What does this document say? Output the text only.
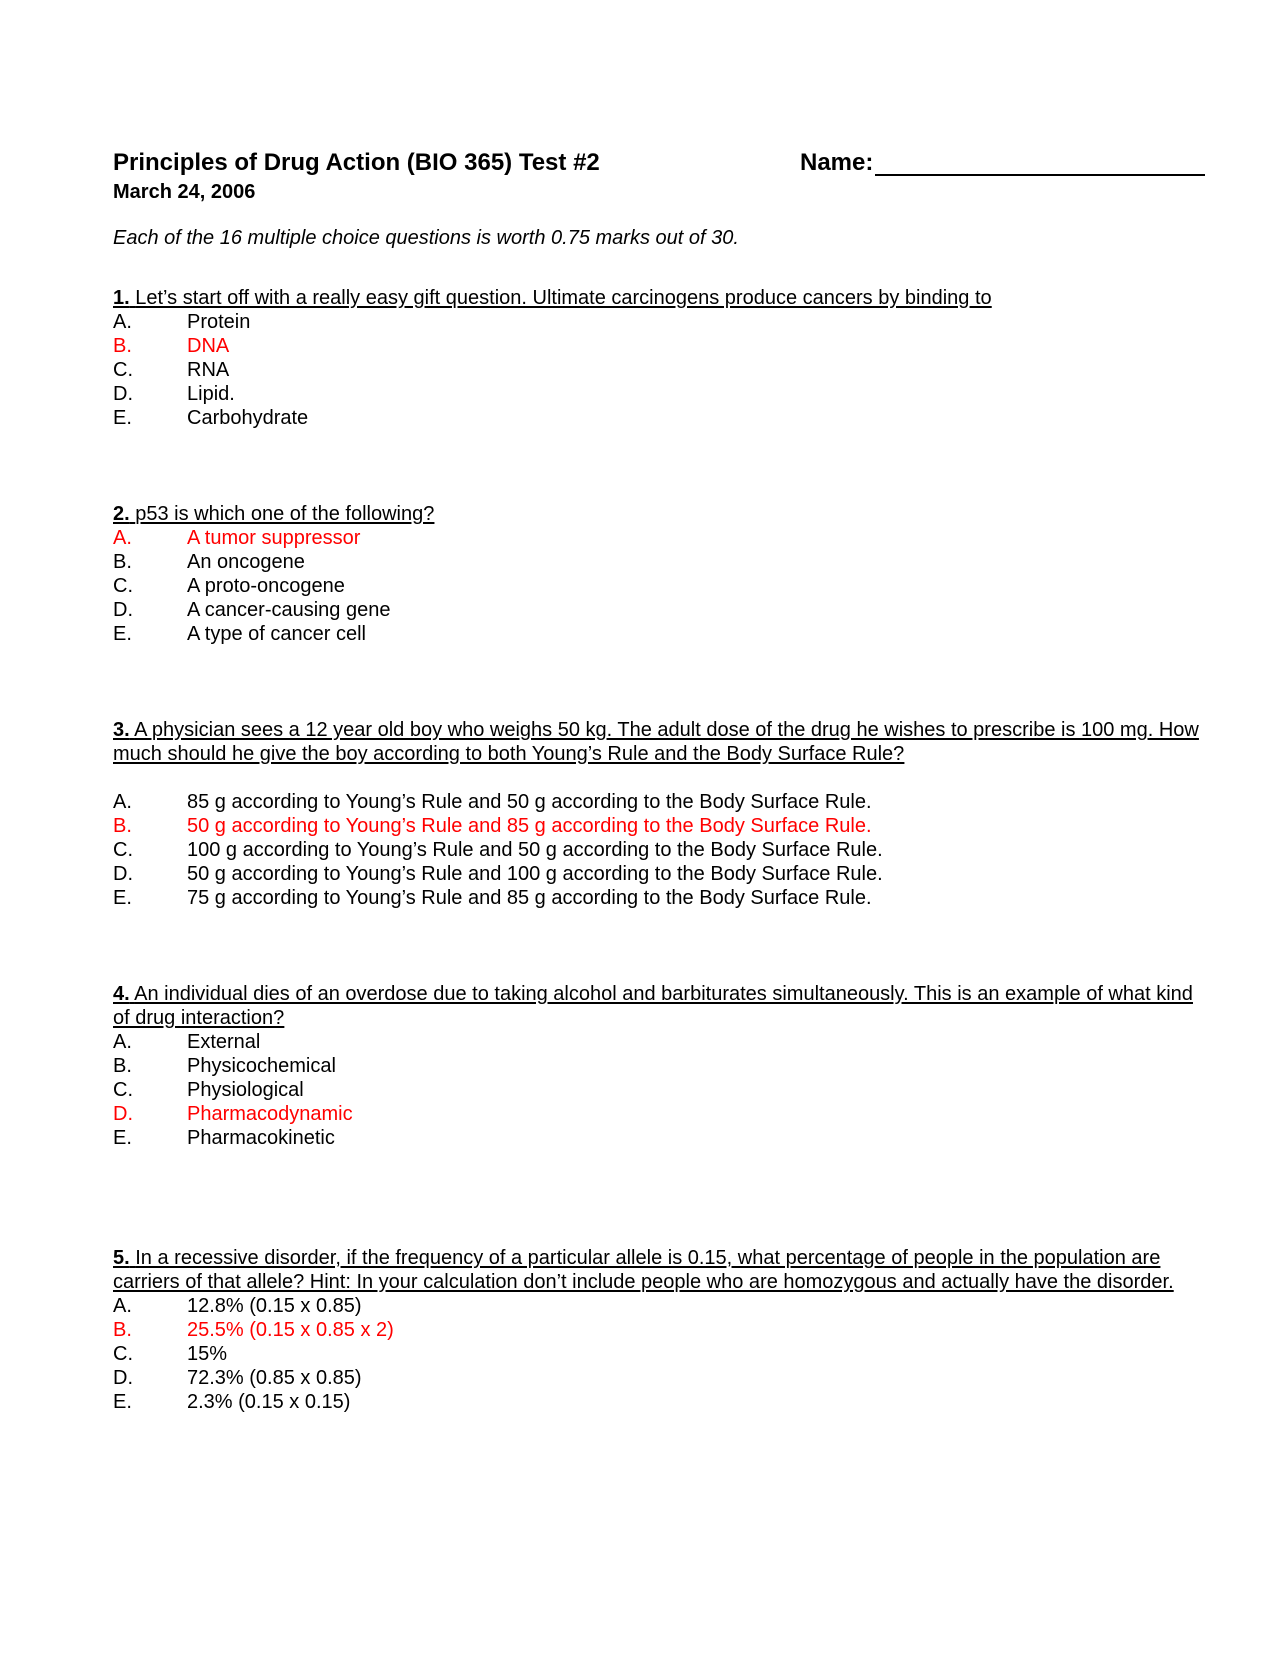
Principles of Drug Action (BIO 365) Test #2	Name:
March 24, 2006
Each of the 16 multiple choice questions is worth 0.75 marks out of 30.

1. Let’s start off with a really easy gift question. Ultimate carcinogens produce cancers by binding to

A.	Protein
B.	DNA
C.	RNA
D.	Lipid.
E.	Carbohydrate

2. p53 is which one of the following?

A.	A tumor suppressor
B.	An oncogene
C.	A proto-oncogene
D.	A cancer-causing gene
E.	A type of cancer cell

3. A physician sees a 12 year old boy who weighs 50 kg. The adult dose of the drug he wishes to prescribe is 100 mg. How much should he give the boy according to both Young’s Rule and the Body Surface Rule?

A.	85 g according to Young’s Rule and 50 g according to the Body Surface Rule.
B.	50 g according to Young’s Rule and 85 g according to the Body Surface Rule.
C.	100 g according to Young’s Rule and 50 g according to the Body Surface Rule.
D.	50 g according to Young’s Rule and 100 g according to the Body Surface Rule.
E.	75 g according to Young’s Rule and 85 g according to the Body Surface Rule.

4. An individual dies of an overdose due to taking alcohol and barbiturates simultaneously. This is an example of what kind of drug interaction?

A.	External
B.	Physicochemical
C.	Physiological
D.	Pharmacodynamic
E.	Pharmacokinetic

5. In a recessive disorder, if the frequency of a particular allele is 0.15, what percentage of people in the population are carriers of that allele? Hint: In your calculation don’t include people who are homozygous and actually have the disorder.

A.	12.8% (0.15 x 0.85)
B.	25.5% (0.15 x 0.85 x 2)
C.	15%
D.	72.3% (0.85 x 0.85)
E.	2.3% (0.15 x 0.15)
